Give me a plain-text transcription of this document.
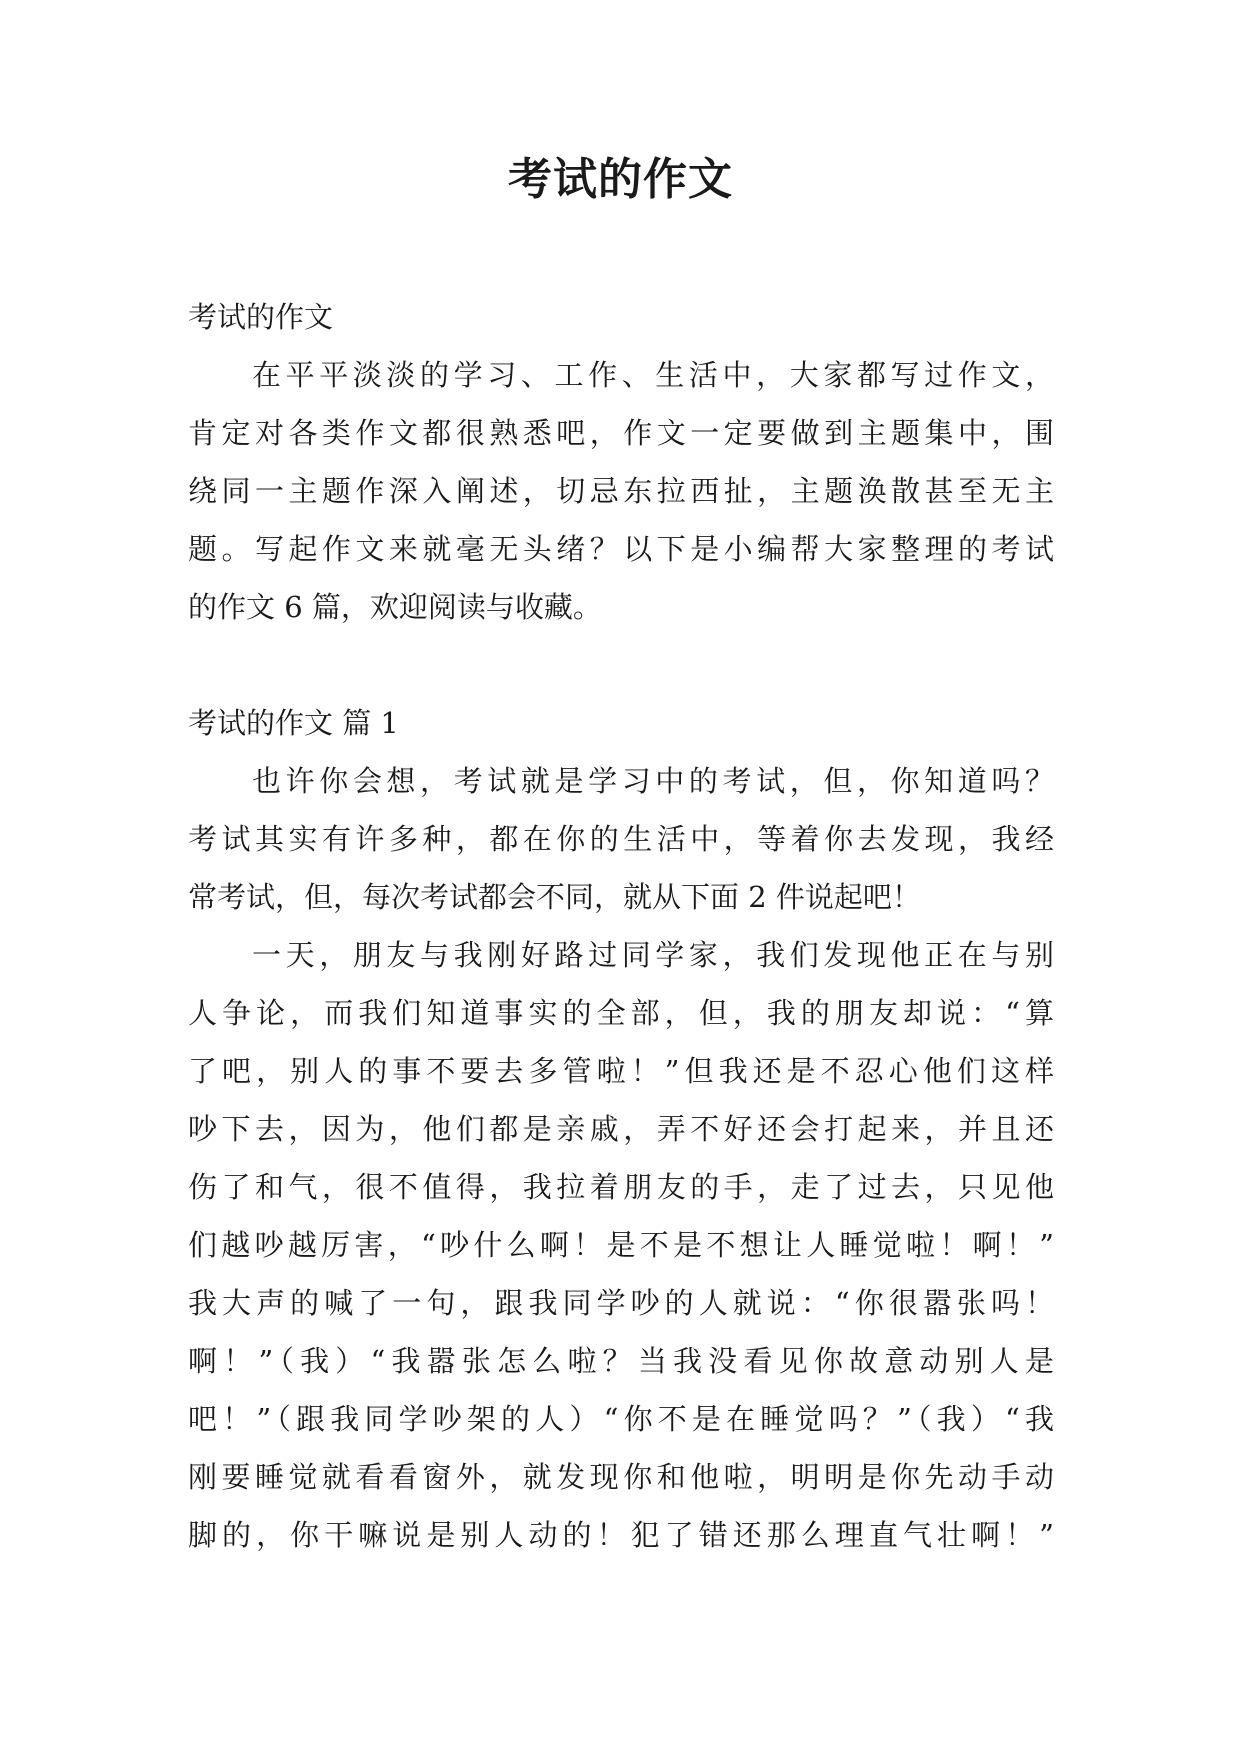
考试的作文

考试的作文

在平平淡淡的学习、工作、生活中，大家都写过作文，

肯定对各类作文都很熟悉吧，作文一定要做到主题集中，围

绕同一主题作深入阐述，切忌东拉西扯，主题涣散甚至无主

题。写起作文来就毫无头绪？以下是小编帮大家整理的考试

的作文 6 篇，欢迎阅读与收藏。

考试的作文 篇 1

也许你会想，考试就是学习中的考试，但，你知道吗？

考试其实有许多种，都在你的生活中，等着你去发现，我经

常考试，但，每次考试都会不同，就从下面 2 件说起吧！

一天，朋友与我刚好路过同学家，我们发现他正在与别

人争论，而我们知道事实的全部，但，我的朋友却说：“算

了吧，别人的事不要去多管啦！”但我还是不忍心他们这样

吵下去，因为，他们都是亲戚，弄不好还会打起来，并且还

伤了和气，很不值得，我拉着朋友的手，走了过去，只见他

们越吵越厉害，“吵什么啊！是不是不想让人睡觉啦！啊！”

我大声的喊了一句，跟我同学吵的人就说：“你很嚣张吗！

啊！”（我）“我嚣张怎么啦？当我没看见你故意动别人是

吧！”（跟我同学吵架的人）“你不是在睡觉吗？”（我）“我

刚要睡觉就看看窗外，就发现你和他啦，明明是你先动手动

脚的，你干嘛说是别人动的！犯了错还那么理直气壮啊！”
